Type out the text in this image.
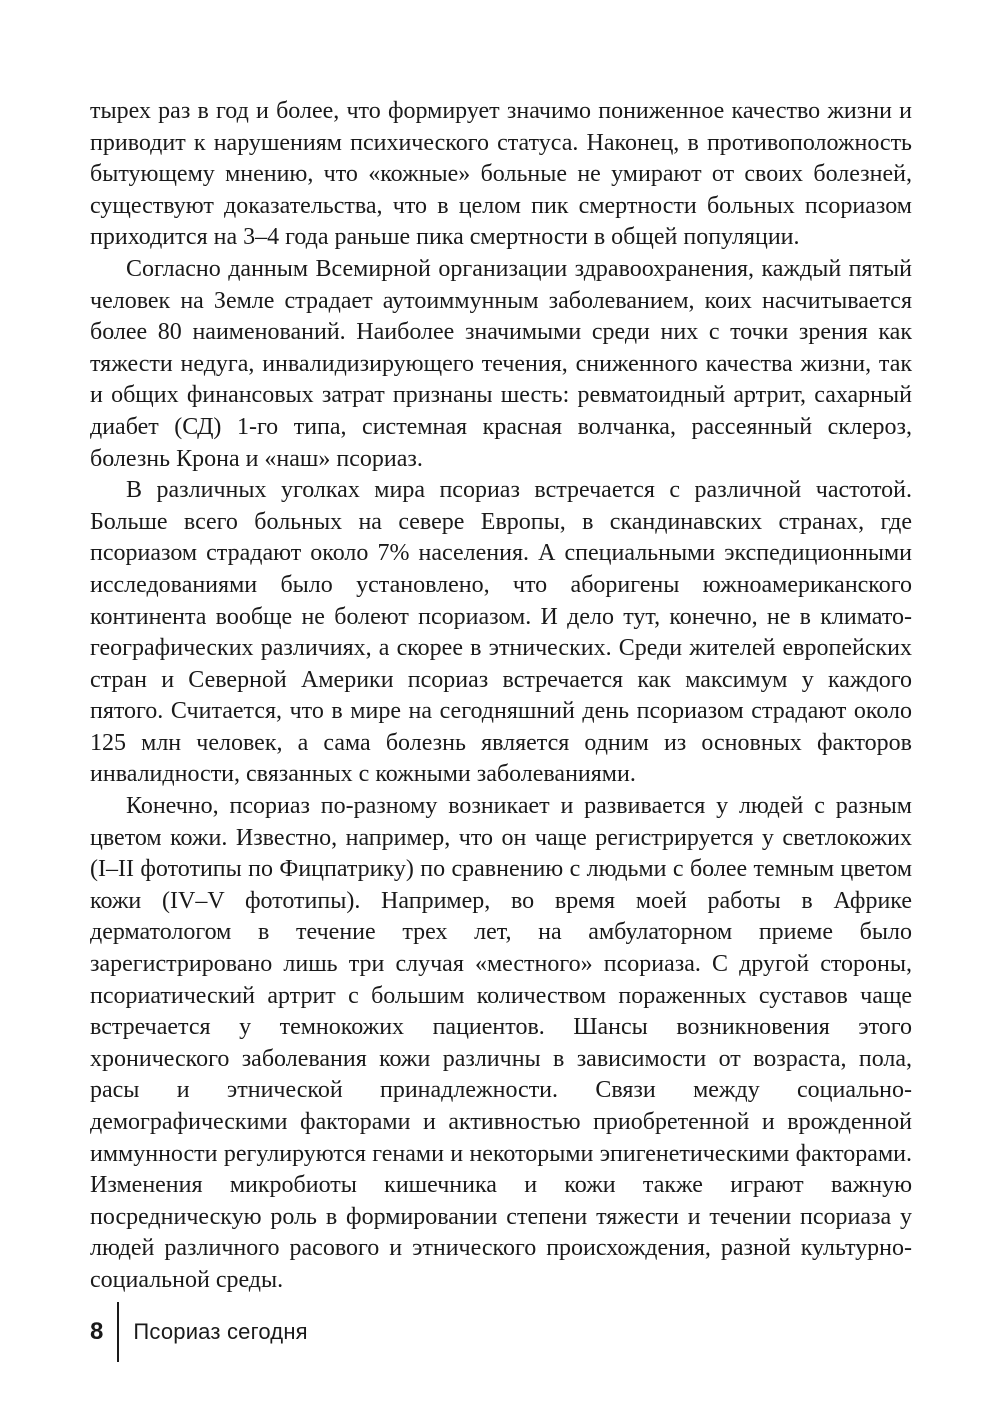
тырех раз в год и более, что формирует значимо пониженное качество жизни и приводит к нарушениям психического статуса. Наконец, в противоположность бытующему мнению, что «кожные» больные не умирают от своих болезней, существуют доказательства, что в целом пик смертности больных псориазом приходится на 3–4 года раньше пика смертности в общей популяции.

Согласно данным Всемирной организации здравоохранения, каждый пятый человек на Земле страдает аутоиммунным заболеванием, коих насчитывается более 80 наименований. Наиболее значимыми среди них с точки зрения как тяжести недуга, инвалидизирующего течения, сниженного качества жизни, так и общих финансовых затрат признаны шесть: ревматоидный артрит, сахарный диабет (СД) 1-го типа, системная красная волчанка, рассеянный склероз, болезнь Крона и «наш» псориаз.

В различных уголках мира псориаз встречается с различной частотой. Больше всего больных на севере Европы, в скандинавских странах, где псориазом страдают около 7% населения. А специальными экспедиционными исследованиями было установлено, что аборигены южноамериканского континента вообще не болеют псориазом. И дело тут, конечно, не в климато-географических различиях, а скорее в этнических. Среди жителей европейских стран и Северной Америки псориаз встречается как максимум у каждого пятого. Считается, что в мире на сегодняшний день псориазом страдают около 125 млн человек, а сама болезнь является одним из основных факторов инвалидности, связанных с кожными заболеваниями.

Конечно, псориаз по-разному возникает и развивается у людей с разным цветом кожи. Известно, например, что он чаще регистрируется у светлокожих (I–II фототипы по Фицпатрику) по сравнению с людьми с более темным цветом кожи (IV–V фототипы). Например, во время моей работы в Африке дерматологом в течение трех лет, на амбулаторном приеме было зарегистрировано лишь три случая «местного» псориаза. С другой стороны, псориатический артрит с большим количеством пораженных суставов чаще встречается у темнокожих пациентов. Шансы возникновения этого хронического заболевания кожи различны в зависимости от возраста, пола, расы и этнической принадлежности. Связи между социально-демографическими факторами и активностью приобретенной и врожденной иммунности регулируются генами и некоторыми эпигенетическими факторами. Изменения микробиоты кишечника и кожи также играют важную посредническую роль в формировании степени тяжести и течении псориаза у людей различного расового и этнического происхождения, разной культурно-социальной среды.

8	Псориаз сегодня
